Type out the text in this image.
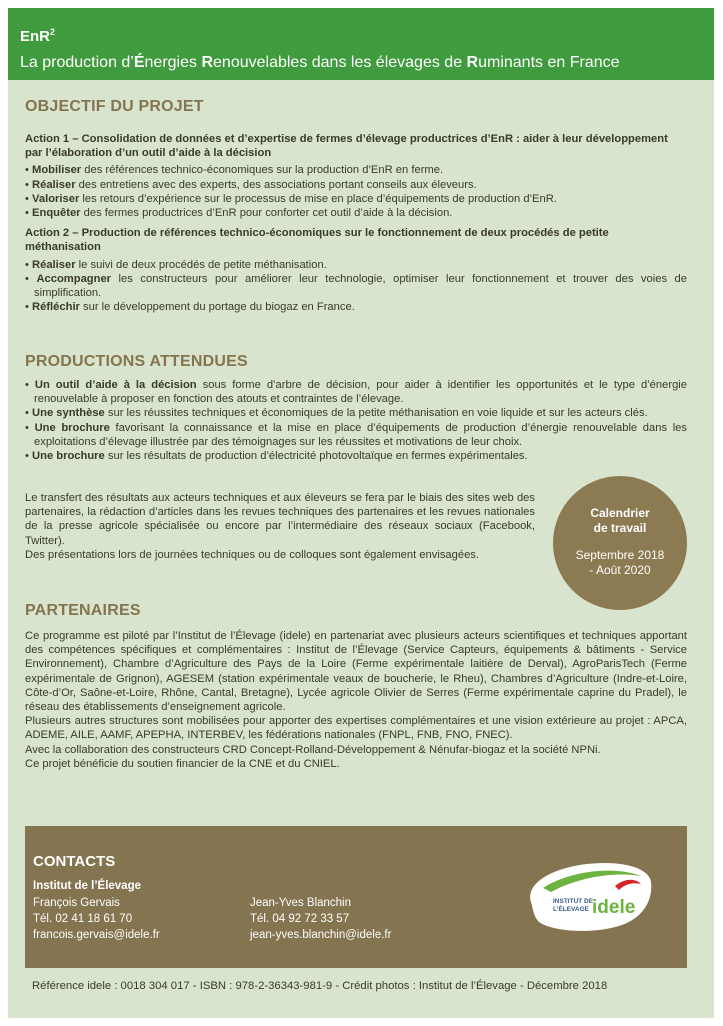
EnR$^2$
La production d’Énergies Renouvelables dans les élevages de Ruminants en France
OBJECTIF DU PROJET
Action 1 – Consolidation de données et d’expertise de fermes d’élevage productrices d’EnR : aider à leur développement par l’élaboration d’un outil d’aide à la décision
• Mobiliser des références technico-économiques sur la production d’EnR en ferme.
• Réaliser des entretiens avec des experts, des associations portant conseils aux éleveurs.
• Valoriser les retours d’expérience sur le processus de mise en place d’équipements de production d’EnR.
• Enquêter des fermes productrices d’EnR pour conforter cet outil d’aide à la décision.
Action 2 – Production de références technico-économiques sur le fonctionnement de deux procédés de petite méthanisation
• Réaliser le suivi de deux procédés de petite méthanisation.
• Accompagner les constructeurs pour améliorer leur technologie, optimiser leur fonctionnement et trouver des voies de simplification.
• Réfléchir sur le développement du portage du biogaz en France.
PRODUCTIONS ATTENDUES
• Un outil d’aide à la décision sous forme d’arbre de décision, pour aider à identifier les opportunités et le type d’énergie renouvelable à proposer en fonction des atouts et contraintes de l’élevage.
• Une synthèse sur les réussites techniques et économiques de la petite méthanisation en voie liquide et sur les acteurs clés.
• Une brochure favorisant la connaissance et la mise en place d’équipements de production d’énergie renouvelable dans les exploitations d’élevage illustrée par des témoignages sur les réussites et motivations de leur choix.
• Une brochure sur les résultats de production d’électricité photovoltaïque en fermes expérimentales.

Le transfert des résultats aux acteurs techniques et aux éleveurs se fera par le biais des sites web des partenaires, la rédaction d’articles dans les revues techniques des partenaires et les revues nationales de la presse agricole spécialisée ou encore par l’intermédiaire des réseaux sociaux (Facebook, Twitter).

Des présentations lors de journées techniques ou de colloques sont également envisagées.

Calendrier
de travail
Septembre 2018
- Août 2020
PARTENAIRES

Ce programme est piloté par l’Institut de l’Élevage (idele) en partenariat avec plusieurs acteurs scientifiques et techniques apportant des compétences spécifiques et complémentaires : Institut de l’Élevage (Service Capteurs, équipements & bâtiments - Service Environnement), Chambre d’Agriculture des Pays de la Loire (Ferme expérimentale laitière de Derval), AgroParisTech (Ferme expérimentale de Grignon), AGESEM (station expérimentale veaux de boucherie, le Rheu), Chambres d’Agriculture (Indre-et-Loire, Côte-d’Or, Saône-et-Loire, Rhône, Cantal, Bretagne), Lycée agricole Olivier de Serres (Ferme expérimentale caprine du Pradel), le réseau des établissements d’enseignement agricole.

Plusieurs autres structures sont mobilisées pour apporter des expertises complémentaires et une vision extérieure au projet : APCA, ADEME, AILE, AAMF, APEPHA, INTERBEV, les fédérations nationales (FNPL, FNB, FNO, FNEC).

Avec la collaboration des constructeurs CRD Concept-Rolland-Développement & Nénufar-biogaz et la société NPNi.

Ce projet bénéficie du soutien financier de la CNE et du CNIEL.

CONTACTS
Institut de l’Élevage
François Gervais
Tél. 02 41 18 61 70
francois.gervais@idele.fr
Jean-Yves Blanchin
Tél. 04 92 72 33 57
jean-yves.blanchin@idele.fr
INSTITUT DE
L’ÉLEVAGE idele
Référence idele : 0018 304 017 - ISBN : 978-2-36343-981-9 - Crédit photos : Institut de l’Élevage - Décembre 2018
